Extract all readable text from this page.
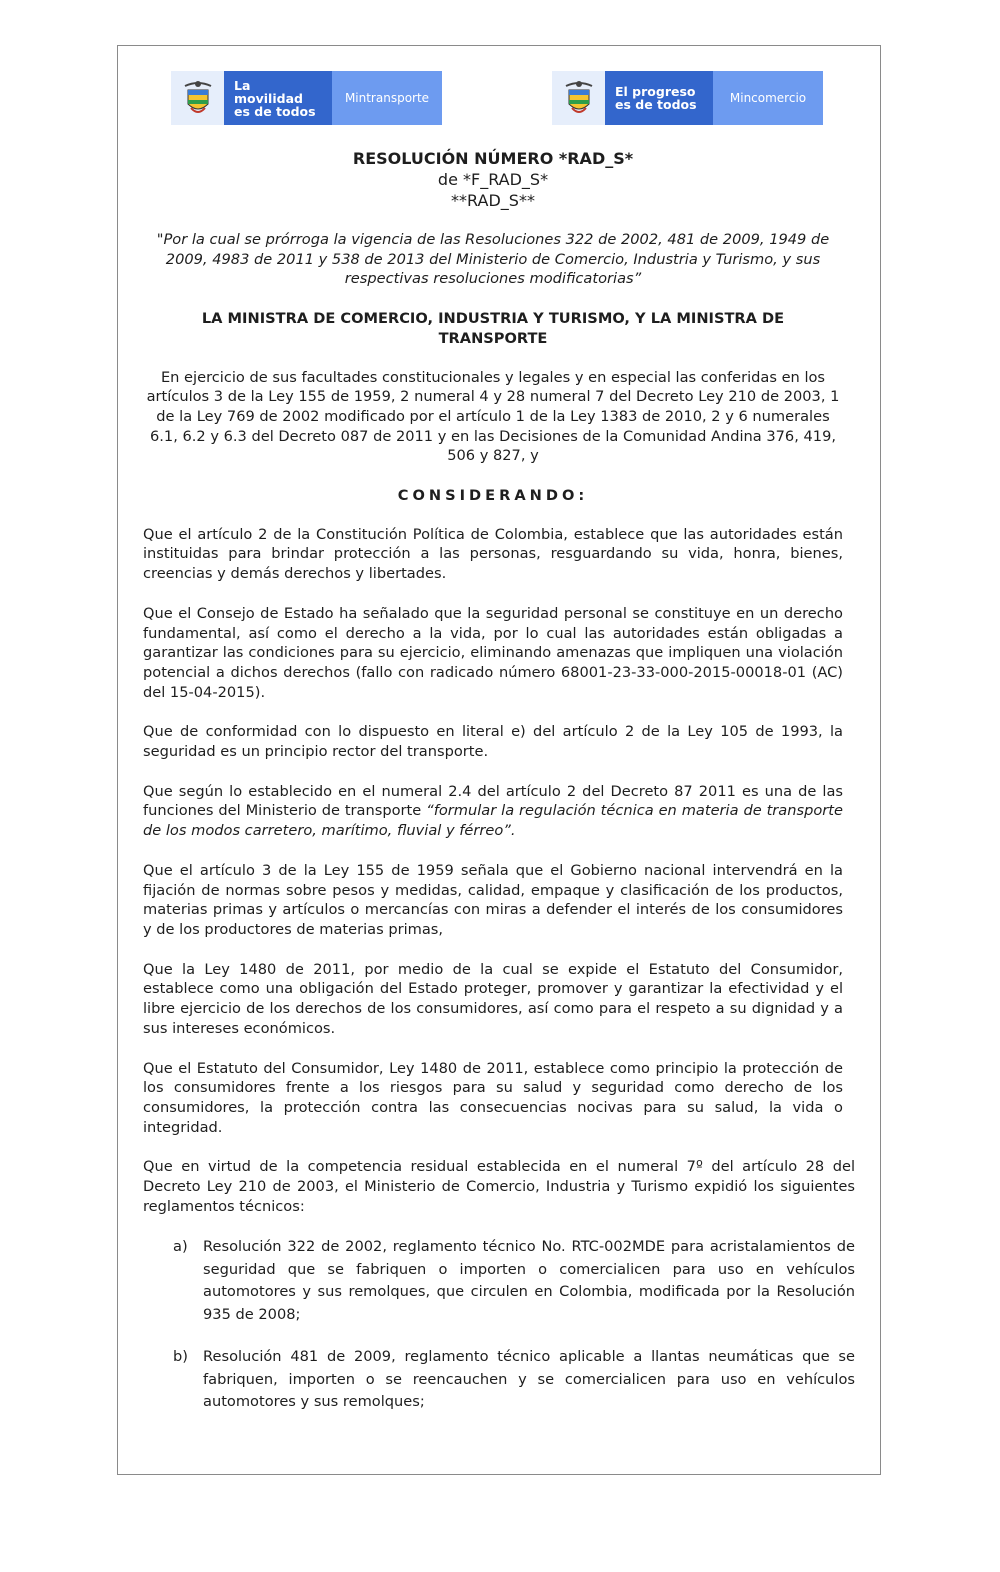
La movilidad es de todos
Mintransporte	El progreso es de todos	Mincomercio

RESOLUCIÓN NÚMERO *RAD_S*

de *F_RAD_S*

**RAD_S**

"Por la cual se prórroga la vigencia de las Resoluciones 322 de 2002, 481 de 2009, 1949 de 2009, 4983 de 2011 y 538 de 2013 del Ministerio de Comercio, Industria y Turismo, y sus respectivas resoluciones modificatorias”

LA MINISTRA DE COMERCIO, INDUSTRIA Y TURISMO, Y LA MINISTRA DE TRANSPORTE

En ejercicio de sus facultades constitucionales y legales y en especial las conferidas en los artículos 3 de la Ley 155 de 1959, 2 numeral 4 y 28 numeral 7 del Decreto Ley 210 de 2003, 1 de la Ley 769 de 2002 modificado por el artículo 1 de la Ley 1383 de 2010, 2 y 6 numerales 6.1, 6.2 y 6.3 del Decreto 087 de 2011 y en las Decisiones de la Comunidad Andina 376, 419, 506 y 827, y

CONSIDERANDO:

Que el artículo 2 de la Constitución Política de Colombia, establece que las autoridades están instituidas para brindar protección a las personas, resguardando su vida, honra, bienes, creencias y demás derechos y libertades.

Que el Consejo de Estado ha señalado que la seguridad personal se constituye en un derecho fundamental, así como el derecho a la vida, por lo cual las autoridades están obligadas a garantizar las condiciones para su ejercicio, eliminando amenazas que impliquen una violación potencial a dichos derechos (fallo con radicado número 68001-23-33-000-2015-00018-01 (AC) del 15-04-2015).

Que de conformidad con lo dispuesto en literal e) del artículo 2 de la Ley 105 de 1993, la seguridad es un principio rector del transporte.

Que según lo establecido en el numeral 2.4 del artículo 2 del Decreto 87 2011 es una de las funciones del Ministerio de transporte “formular la regulación técnica en materia de transporte de los modos carretero, marítimo, fluvial y férreo”.

Que el artículo 3 de la Ley 155 de 1959 señala que el Gobierno nacional intervendrá en la fijación de normas sobre pesos y medidas, calidad, empaque y clasificación de los productos, materias primas y artículos o mercancías con miras a defender el interés de los consumidores y de los productores de materias primas,

Que la Ley 1480 de 2011, por medio de la cual se expide el Estatuto del Consumidor, establece como una obligación del Estado proteger, promover y garantizar la efectividad y el libre ejercicio de los derechos de los consumidores, así como para el respeto a su dignidad y a sus intereses económicos.

Que el Estatuto del Consumidor, Ley 1480 de 2011, establece como principio la protección de los consumidores frente a los riesgos para su salud y seguridad como derecho de los consumidores, la protección contra las consecuencias nocivas para su salud, la vida o integridad.

Que en virtud de la competencia residual establecida en el numeral 7º del artículo 28 del Decreto Ley 210 de 2003, el Ministerio de Comercio, Industria y Turismo expidió los siguientes reglamentos técnicos:

a)	Resolución 322 de 2002, reglamento técnico No. RTC-002MDE para acristalamientos de seguridad que se fabriquen o importen o comercialicen para uso en vehículos automotores y sus remolques, que circulen en Colombia, modificada por la Resolución 935 de 2008;
b)	Resolución 481 de 2009, reglamento técnico aplicable a llantas neumáticas que se fabriquen, importen o se reencauchen y se comercialicen para uso en vehículos automotores y sus remolques;
